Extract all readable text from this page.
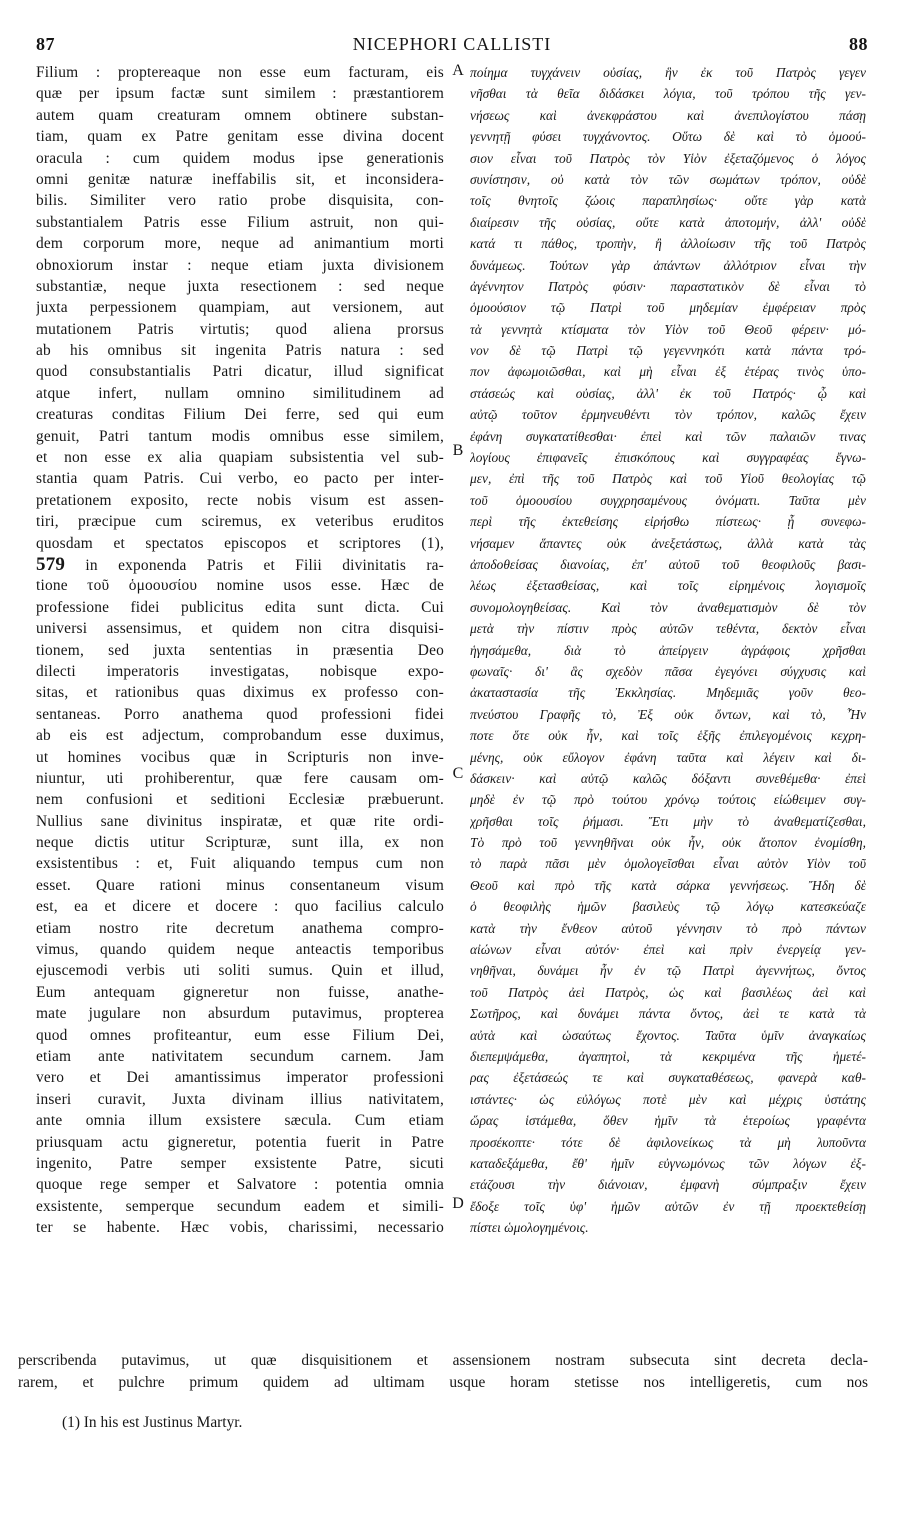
87	NICEPHORI CALLISTI	88
Filium : proptereaque non esse eum facturam, eis
quæ per ipsum factæ sunt similem : præstantiorem
autem quam creaturam omnem obtinere substan-
tiam, quam ex Patre genitam esse divina docent
oracula : cum quidem modus ipse generationis
omni genitæ naturæ ineffabilis sit, et inconsidera-
bilis. Similiter vero ratio probe disquisita, con-
substantialem Patris esse Filium astruit, non qui-
dem corporum more, neque ad animantium morti
obnoxiorum instar : neque etiam juxta divisionem
substantiæ, neque juxta resectionem : sed neque
juxta perpessionem quampiam, aut versionem, aut
mutationem Patris virtutis; quod aliena prorsus
ab his omnibus sit ingenita Patris natura : sed
quod consubstantialis Patri dicatur, illud significat
atque infert, nullam omnino similitudinem ad
creaturas conditas Filium Dei ferre, sed qui eum
genuit, Patri tantum modis omnibus esse similem,
et non esse ex alia quapiam subsistentia vel sub-
stantia quam Patris. Cui verbo, eo pacto per inter-
pretationem exposito, recte nobis visum est assen-
tiri, præcipue cum sciremus, ex veteribus eruditos
quosdam et spectatos episcopos et scriptores (1),
579 in exponenda Patris et Filii divinitatis ra-
tione τοῦ ὁμοουσίου nomine usos esse. Hæc de
professione fidei publicitus edita sunt dicta. Cui
universi assensimus, et quidem non citra disquisi-
tionem, sed juxta sententias in præsentia Deo
dilecti imperatoris investigatas, nobisque expo-
sitas, et rationibus quas diximus ex professo con-
sentaneas. Porro anathema quod professioni fidei
ab eis est adjectum, comprobandum esse duximus,
ut homines vocibus quæ in Scripturis non inve-
niuntur, uti prohiberentur, quæ fere causam om-
nem confusioni et seditioni Ecclesiæ præbuerunt.
Nullius sane divinitus inspiratæ, et quæ rite ordi-
neque dictis utitur Scripturæ, sunt illa, ex non
exsistentibus : et, Fuit aliquando tempus cum non
esset. Quare rationi minus consentaneum visum
est, ea et dicere et docere : quo facilius calculo
etiam nostro rite decretum anathema compro-
vimus, quando quidem neque anteactis temporibus
ejuscemodi verbis uti soliti sumus. Quin et illud,
Eum antequam gigneretur non fuisse, anathe-
mate jugulare non absurdum putavimus, propterea
quod omnes profiteantur, eum esse Filium Dei,
etiam ante nativitatem secundum carnem. Jam
vero et Dei amantissimus imperator professioni
inseri curavit, Juxta divinam illius nativitatem,
ante omnia illum exsistere sæcula. Cum etiam
priusquam actu gigneretur, potentia fuerit in Patre
ingenito, Patre semper exsistente Patre, sicuti
quoque rege semper et Salvatore : potentia omnia
exsistente, semperque secundum eadem et simili-
ter se habente. Hæc vobis, charissimi, necessario
A
B
C
D
ποίημα τυγχάνειν οὐσίας, ἣν ἐκ τοῦ Πατρὸς γεγεν
νῆσθαι τὰ θεῖα διδάσκει λόγια, τοῦ τρόπου τῆς γεν-
νήσεως καὶ ἀνεκφράστου καὶ ἀνεπιλογίστου πάσῃ
γεννητῇ φύσει τυγχάνοντος. Οὕτω δὲ καὶ τὸ ὁμοού-
σιον εἶναι τοῦ Πατρὸς τὸν Υἱὸν ἐξεταζόμενος ὁ λόγος
συνίστησιν, οὐ κατὰ τὸν τῶν σωμάτων τρόπον, οὐδὲ
τοῖς θνητοῖς ζώοις παραπλησίως· οὔτε γὰρ κατὰ
διαίρεσιν τῆς οὐσίας, οὔτε κατὰ ἀποτομήν, ἀλλ' οὐδὲ
κατά τι πάθος, τροπὴν, ἢ ἀλλοίωσιν τῆς τοῦ Πατρὸς
δυνάμεως. Τούτων γὰρ ἁπάντων ἀλλότριον εἶναι τὴν
ἀγέννητον Πατρὸς φύσιν· παραστατικὸν δὲ εἶναι τὸ
ὁμοούσιον τῷ Πατρὶ τοῦ μηδεμίαν ἐμφέρειαν πρὸς
τὰ γεννητὰ κτίσματα τὸν Υἱὸν τοῦ Θεοῦ φέρειν· μό-
νον δὲ τῷ Πατρὶ τῷ γεγεννηκότι κατὰ πάντα τρό-
πον ἀφωμοιῶσθαι, καὶ μὴ εἶναι ἐξ ἑτέρας τινὸς ὑπο-
στάσεώς καὶ οὐσίας, ἀλλ' ἐκ τοῦ Πατρός· ᾧ καὶ
αὐτῷ τοῦτον ἑρμηνευθέντι τὸν τρόπον, καλῶς ἔχειν
ἐφάνη συγκατατίθεσθαι· ἐπεὶ καὶ τῶν παλαιῶν τινας
λογίους ἐπιφανεῖς ἐπισκόπους καὶ συγγραφέας ἔγνω-
μεν, ἐπὶ τῆς τοῦ Πατρὸς καὶ τοῦ Υἱοῦ θεολογίας τῷ
τοῦ ὁμοουσίου συγχρησαμένους ὀνόματι. Ταῦτα μὲν
περὶ τῆς ἐκτεθείσης εἰρήσθω πίστεως· ᾗ συνεφω-
νήσαμεν ἅπαντες οὐκ ἀνεξετάστως, ἀλλὰ κατὰ τὰς
ἀποδοθείσας διανοίας, ἐπ' αὐτοῦ τοῦ θεοφιλοῦς βασι-
λέως ἐξετασθείσας, καὶ τοῖς εἰρημένοις λογισμοῖς
συνομολογηθείσας. Καὶ τὸν ἀναθεματισμὸν δὲ τὸν
μετὰ τὴν πίστιν πρὸς αὐτῶν τεθέντα, δεκτὸν εἶναι
ἡγησάμεθα, διὰ τὸ ἀπείργειν ἀγράφοις χρῆσθαι
φωναῖς· δι' ἃς σχεδὸν πᾶσα ἐγεγόνει σύγχυσις καὶ
ἀκαταστασία τῆς Ἐκκλησίας. Μηδεμιᾶς γοῦν θεο-
πνεύστου Γραφῆς τὸ, Ἐξ οὐκ ὄντων, καὶ τὸ, Ἦν
ποτε ὅτε οὐκ ἦν, καὶ τοῖς ἑξῆς ἐπιλεγομένοις κεχρη-
μένης, οὐκ εὔλογον ἐφάνη ταῦτα καὶ λέγειν καὶ δι-
δάσκειν· καὶ αὐτῷ καλῶς δόξαντι συνεθέμεθα· ἐπεὶ
μηδὲ ἐν τῷ πρὸ τούτου χρόνῳ τούτοις εἰώθειμεν συγ-
χρῆσθαι τοῖς ῥήμασι. Ἔτι μὴν τὸ ἀναθεματίζεσθαι,
Τὸ πρὸ τοῦ γεννηθῆναι οὐκ ἦν, οὐκ ἄτοπον ἐνομίσθη,
τὸ παρὰ πᾶσι μὲν ὁμολογεῖσθαι εἶναι αὐτὸν Υἱὸν τοῦ
Θεοῦ καὶ πρὸ τῆς κατὰ σάρκα γεννήσεως. Ἤδη δὲ
ὁ θεοφιλὴς ἡμῶν βασιλεὺς τῷ λόγῳ κατεσκεύαζε
κατὰ τὴν ἔνθεον αὐτοῦ γέννησιν τὸ πρὸ πάντων
αἰώνων εἶναι αὐτόν· ἐπεὶ καὶ πρὶν ἐνεργείᾳ γεν-
νηθῆναι, δυνάμει ἦν ἐν τῷ Πατρὶ ἀγεννήτως, ὄντος
τοῦ Πατρὸς ἀεὶ Πατρὸς, ὡς καὶ βασιλέως ἀεὶ καὶ
Σωτῆρος, καὶ δυνάμει πάντα ὄντος, ἀεὶ τε κατὰ τὰ
αὐτὰ καὶ ὡσαύτως ἔχοντος. Ταῦτα ὑμῖν ἀναγκαίως
διεπεμψάμεθα, ἀγαπητοὶ, τὰ κεκριμένα τῆς ἡμετέ-
ρας ἐξετάσεώς τε καὶ συγκαταθέσεως, φανερὰ καθ-
ιστάντες· ὡς εὐλόγως ποτὲ μὲν καὶ μέχρις ὑστάτης
ὥρας ἱστάμεθα, ὅθεν ἡμῖν τὰ ἑτεροίως γραφέντα
προσέκοπτε· τότε δὲ ἀφιλονείκως τὰ μὴ λυποῦντα
καταδεξάμεθα, ἔθ' ἡμῖν εὐγνωμόνως τῶν λόγων ἐξ-
ετάζουσι τὴν διάνοιαν, ἐμφανὴ σύμπραξιν ἔχειν
ἔδοξε τοῖς ὑφ' ἡμῶν αὐτῶν ἐν τῇ προεκτεθείσῃ
πίστει ὡμολογημένοις.
perscribenda putavimus, ut quæ disquisitionem et assensionem nostram subsecuta sint decreta decla-
rarem, et pulchre primum quidem ad ultimam usque horam stetisse nos intelligeretis, cum nos
(1) In his est Justinus Martyr.
